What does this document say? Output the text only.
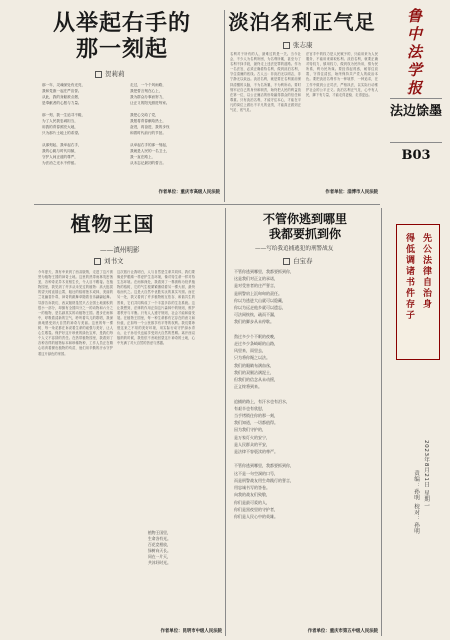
从举起右手的
那一刻起
贺莉莉
那一年，灵魂深处有光亮，
我和党旗一起庄严宣誓。
从此，我的身躯被点燃，
是奉献者的心愿与力量。

那一刻，我一生追寻不辍，
为了人民我忠诚担当，
用我的青春照亮大地，
只为那片土地上的希望。

从那刻起，我举起右手，
我的心跳与时代同频，
守护人间正道的尊严，
为法治之光永不停留。
走过，一个个风雨路，
我把誓言刻在心上，
我为群众办事而努力，
让正义的阳光照进每家。

我把心交给了党，
我愿将青春献给热土，
奋进，再奋进，我的步伐
和着时代前行的节拍。

从举起右手的那一刻起，
我就是人民的一名卫士，
我一直在路上，
从未忘记最初的誓言。
作者单位：重庆市高级人民法院
淡泊名利正气足
张志康
名利对于所有的人，最难过的是一关。当今社会，不少人为名利所困，为名利所累，甚至为了名利不择手段，最终走上违法犯罪的道路。作为一名法官，必须正确看待名利，做到淡泊名利，守住清廉的底线。古人云：非淡泊无以明志，非宁静无以致远。淡泊名利，就是要在名利面前保持清醒的头脑，不为名所累，不为利所动。要时刻牢记自己的身份和职责，始终把人民的利益放在第一位，以公正廉洁的形象赢得群众的信任和尊重。只有淡泊名利，才能守住本心，才能在平凡的岗位上做出不平凡的业绩，才能真正做到正气足、底气足。
法官手中的权力是人民赋予的，只能用来为人民服务，不能用来谋取私利。淡泊名利，就要正确对待权力，慎用权力，做到权为民所用，情为民所系，利为民所谋。要经得起诱惑，耐得住寂寞，守得住清贫，始终保持共产党人的政治本色。要把淡泊名利作为一种境界、一种追求，在工作中做到公正司法，严格执法，以实际行动维护社会的公平正义。淡泊名利正气足，心中有人民，脚下有力量，才能走得更稳、走得更远。
作者单位：淄博市人民法院
鲁中法学报
法边馀墨
B03
先公法律自治身
得低调诸书件存子
2023年8月21日 星期一
责编：孙明 校对：孙明
植物王国
——滇州明影
刘书文
今年夏天，我有幸来到了西双版纳，走进了这片被誉为植物王国的神奇土地。这里的热带雨林茂密葱茏，各种奇花异木竞相生长，令人目不暇接。在植物园里，我见到了许多从未见过的植物：高大挺拔的望天树直插云霄，粗壮的榕树独木成林，美丽的兰花幽香扑鼻，神奇的跳舞草随着音乐翩翩起舞。导游告诉我们，西双版纳虽然只占全国土地面积的很小一部分，却拥有全国四分之一的动物和六分之一的植物，是名副其实的动植物王国。漫步在雨林中，呼吸着清新的空气，聆听着鸟儿的歌唱，我深深地感受到大自然的神奇与美丽。这里的每一棵树、每一朵花都在诉说着生命的顽强与美好，让人心生敬畏。保护好这片珍贵的绿色宝库，是我们每个人义不容辞的责任。在热带植物园里，我看到了各种各样的植物标本和珍稀物种，工作人员正在精心培育着濒危植物的幼苗，他们用辛勤的汗水守护着这片绿色的家园。
这次旅行让我明白，人与自然是生命共同体，我们要像爱护眼睛一样爱护生态环境，像对待生命一样对待生态环境。在雨林深处，我看到了一株被称为绞杀植物的榕树，它的气生根紧紧缠绕着另一棵大树，最终取而代之。这是大自然中优胜劣汰的真实写照。而在另一处，我又看到了许多植物相互依存、和谐共生的景象，它们共同构成了一个丰富多彩的生态系统。这让我想到，法律的作用正如这片森林中的规则，维护着秩序与平衡。只有人人遵守规则，社会才能和谐发展。在植物王国里，每一种生命都有它存在的意义和价值，正如每一个公民都享有平等的权利。我们要珍惜这来之不易的美好环境，用实际行动守护绿水青山，让子孙后代也能享受到大自然的恩赐。离开西双版纳的时候，我依依不舍地回望这片神奇的土地，心中充满了对大自然的热爱与感激。
植物王国里，
生命各有光。
百花竞相放，
绿树向天长。
同在一片天，
共沐好时光。
作者单位：昆明市中级人民法院
不管你逃到哪里
我都要抓到你
——写给我追捕逃犯的刑警战友
白宝春
不管你逃到哪里，我都要抓到你，
这是我们对正义的承诺，
是对受害者的庄严誓言，
是刑警肩上沉甸甸的责任。
你以为逃进大山就可以隐藏，
你以为远走他乡就可以遗忘，
可法网恢恢，疏而不漏，
我们的脚步从未停歇。

熬过多少个不眠的夜晚，
走过多少条崎岖的山路，
风里来，雨里去，
只为将你绳之以法。
我们的眼睛布满血丝，
我们的双腿沾满泥土，
但我们的信念从未动摇，
正义终将到来。

追捕的路上，有汗水也有泪水，
有艰辛也有欣慰，
当手铐锁住你的那一刻，
我们知道，一切都值得。
因为我们守护的，
是万家灯火的安宁，
是人民群众的平安，
是法律不容亵渎的尊严。

不管你逃到哪里，我都要抓到你，
这不是一句空洞的口号，
而是刑警战友用生命践行的誓言，
用忠诚书写的答卷。
向我的战友们致敬，
你们是最可爱的人，
你们是黑夜里的守护者，
你们是人民心中的英雄。
作者单位：重庆市第五中级人民法院
